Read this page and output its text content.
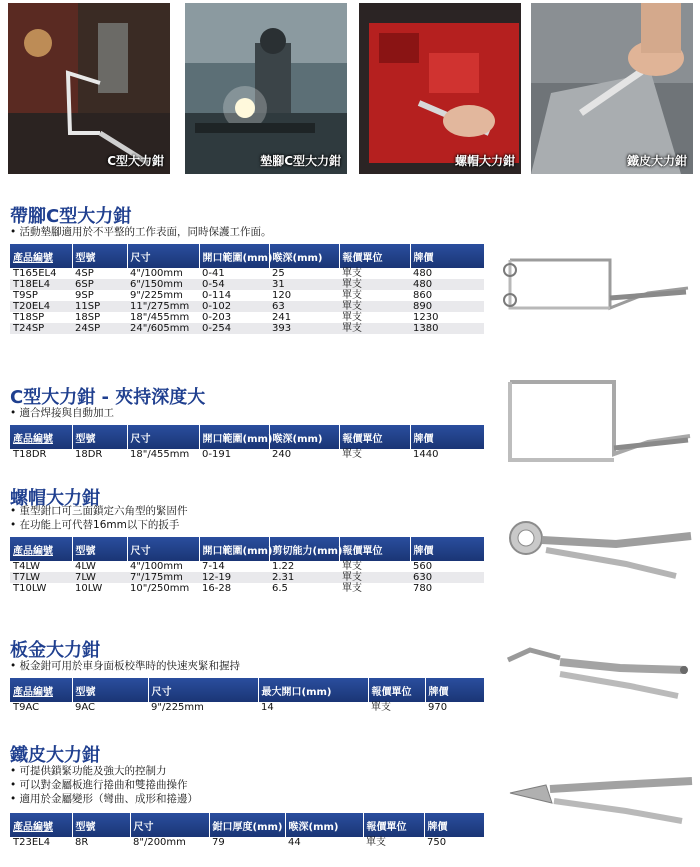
C型大力鉗	墊腳C型大力鉗	螺帽大力鉗	鐵皮大力鉗
帶腳C型大力鉗
• 活動墊腳適用於不平整的工作表面，同時保護工作面。
產品編號	型號	尺寸	開口範圍(mm)	喉深(mm)	報價單位	牌價
T165EL4	4SP	4"/100mm	0-41	25	單支	480
T18EL4	6SP	6"/150mm	0-54	31	單支	480
T9SP	9SP	9"/225mm	0-114	120	單支	860
T20EL4	11SP	11"/275mm	0-102	63	單支	890
T18SP	18SP	18"/455mm	0-203	241	單支	1230
T24SP	24SP	24"/605mm	0-254	393	單支	1380
C型大力鉗 - 夾持深度大
• 適合焊接與自動加工
產品編號	型號	尺寸	開口範圍(mm)	喉深(mm)	報價單位	牌價
T18DR	18DR	18"/455mm	0-191	240	單支	1440
螺帽大力鉗
• 重型鉗口可三面鎖定六角型的緊固件
• 在功能上可代替16mm以下的扳手
產品編號	型號	尺寸	開口範圍(mm)	剪切能力(mm)	報價單位	牌價
T4LW	4LW	4"/100mm	7-14	1.22	單支	560
T7LW	7LW	7"/175mm	12-19	2.31	單支	630
T10LW	10LW	10"/250mm	16-28	6.5	單支	780
板金大力鉗
• 板金鉗可用於車身面板校準時的快速夾緊和握持
產品編號	型號	尺寸	最大開口(mm)	報價單位	牌價
T9AC	9AC	9"/225mm	14	單支	970
鐵皮大力鉗
• 可提供鎖緊功能及強大的控制力
• 可以對金屬板進行捲曲和雙捲曲操作
• 適用於金屬變形（彎曲、成形和捲邊）
產品編號	型號	尺寸	鉗口厚度(mm)	喉深(mm)	報價單位	牌價
T23EL4	8R	8"/200mm	79	44	單支	750
